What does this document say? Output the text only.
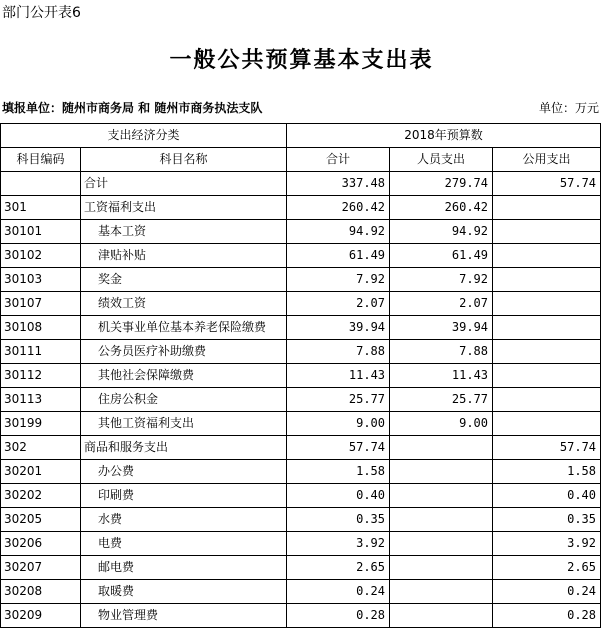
部门公开表6
一般公共预算基本支出表
填报单位：随州市商务局 和 随州市商务执法支队	单位：万元
支出经济分类		2018年预算数		
科目编码	科目名称	合计	人员支出	公用支出
	合计	337.48	279.74	57.74
301	工资福利支出	260.42	260.42	
30101	基本工资	94.92	94.92	
30102	津贴补贴	61.49	61.49	
30103	奖金	7.92	7.92	
30107	绩效工资	2.07	2.07	
30108	机关事业单位基本养老保险缴费	39.94	39.94	
30111	公务员医疗补助缴费	7.88	7.88	
30112	其他社会保障缴费	11.43	11.43	
30113	住房公积金	25.77	25.77	
30199	其他工资福利支出	9.00	9.00	
302	商品和服务支出	57.74		57.74
30201	办公费	1.58		1.58
30202	印刷费	0.40		0.40
30205	水费	0.35		0.35
30206	电费	3.92		3.92
30207	邮电费	2.65		2.65
30208	取暖费	0.24		0.24
30209	物业管理费	0.28		0.28
